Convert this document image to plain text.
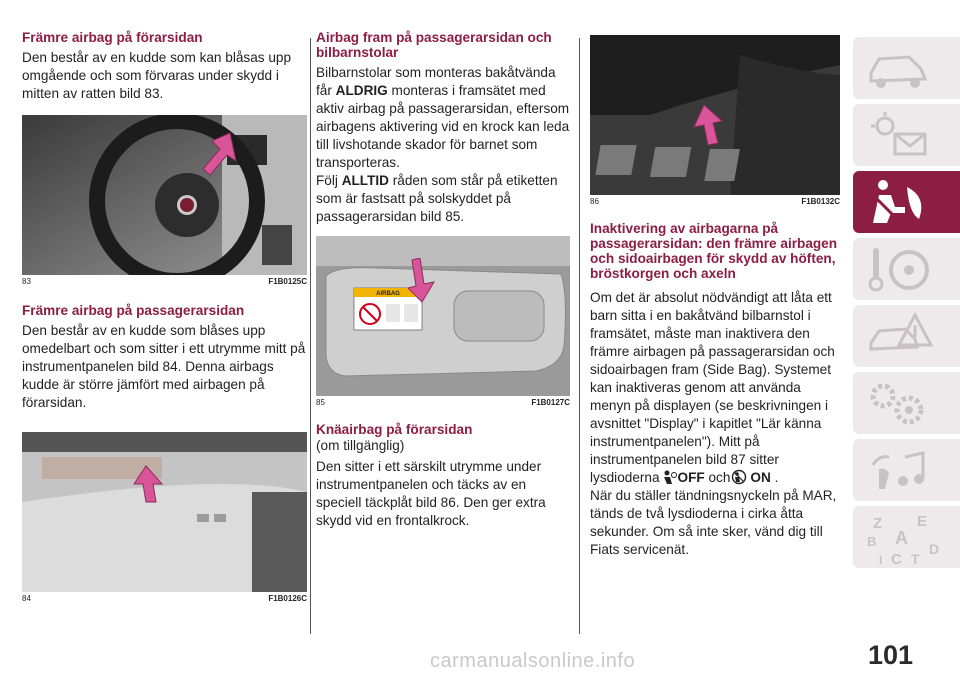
Främre airbag på förarsidan

Den består av en kudde som kan blåsas upp omgående och som förvaras under skydd i mitten av ratten bild 83.

83	F1B0125C
Främre airbag på passagerarsidan

Den består av en kudde som blåses upp omedelbart och som sitter i ett utrymme mitt på instrumentpanelen bild 84. Denna airbags kudde är större jämfört med airbagen på förarsidan.

84	F1B0126C
Airbag fram på passagerarsidan och bilbarnstolar

Bilbarnstolar som monteras bakåtvända får ALDRIG monteras i framsätet med aktiv airbag på passagerarsidan, eftersom airbagens aktivering vid en krock kan leda till livshotande skador för barnet som transporteras.

Följ ALLTID råden som står på etiketten som är fastsatt på solskyddet på passagerarsidan bild 85.

AIRBAG
85	F1B0127C
Knäairbag på förarsidan

(om tillgänglig)

Den sitter i ett särskilt utrymme under instrumentpanelen och täcks av en speciell täckplåt bild 86. Den ger extra skydd vid en frontalkrock.

86	F1B0132C
Inaktivering av airbagarna på passagerarsidan: den främre airbagen och sidoairbagen för skydd av höften, bröstkorgen och axeln

Om det är absolut nödvändigt att låta ett barn sitta i en bakåtvänd bilbarnstol i framsätet, måste man inaktivera den främre airbagen på passagerarsidan och sidoairbagen fram (Side Bag). Systemet kan inaktiveras genom att använda menyn på displayen (se beskrivningen i avsnittet "Display" i kapitlet "Lär känna instrumentpanelen"). Mitt på instrumentpanelen bild 87 sitter lysdioderna OFF och ON .
När du ställer tändningsnyckeln på MAR, tänds de två lysdioderna i cirka åtta sekunder. Om så inte sker, vänd dig till Fiats servicenät.

Z E
A
B
C T
D
I
101
carmanualsonline.info
